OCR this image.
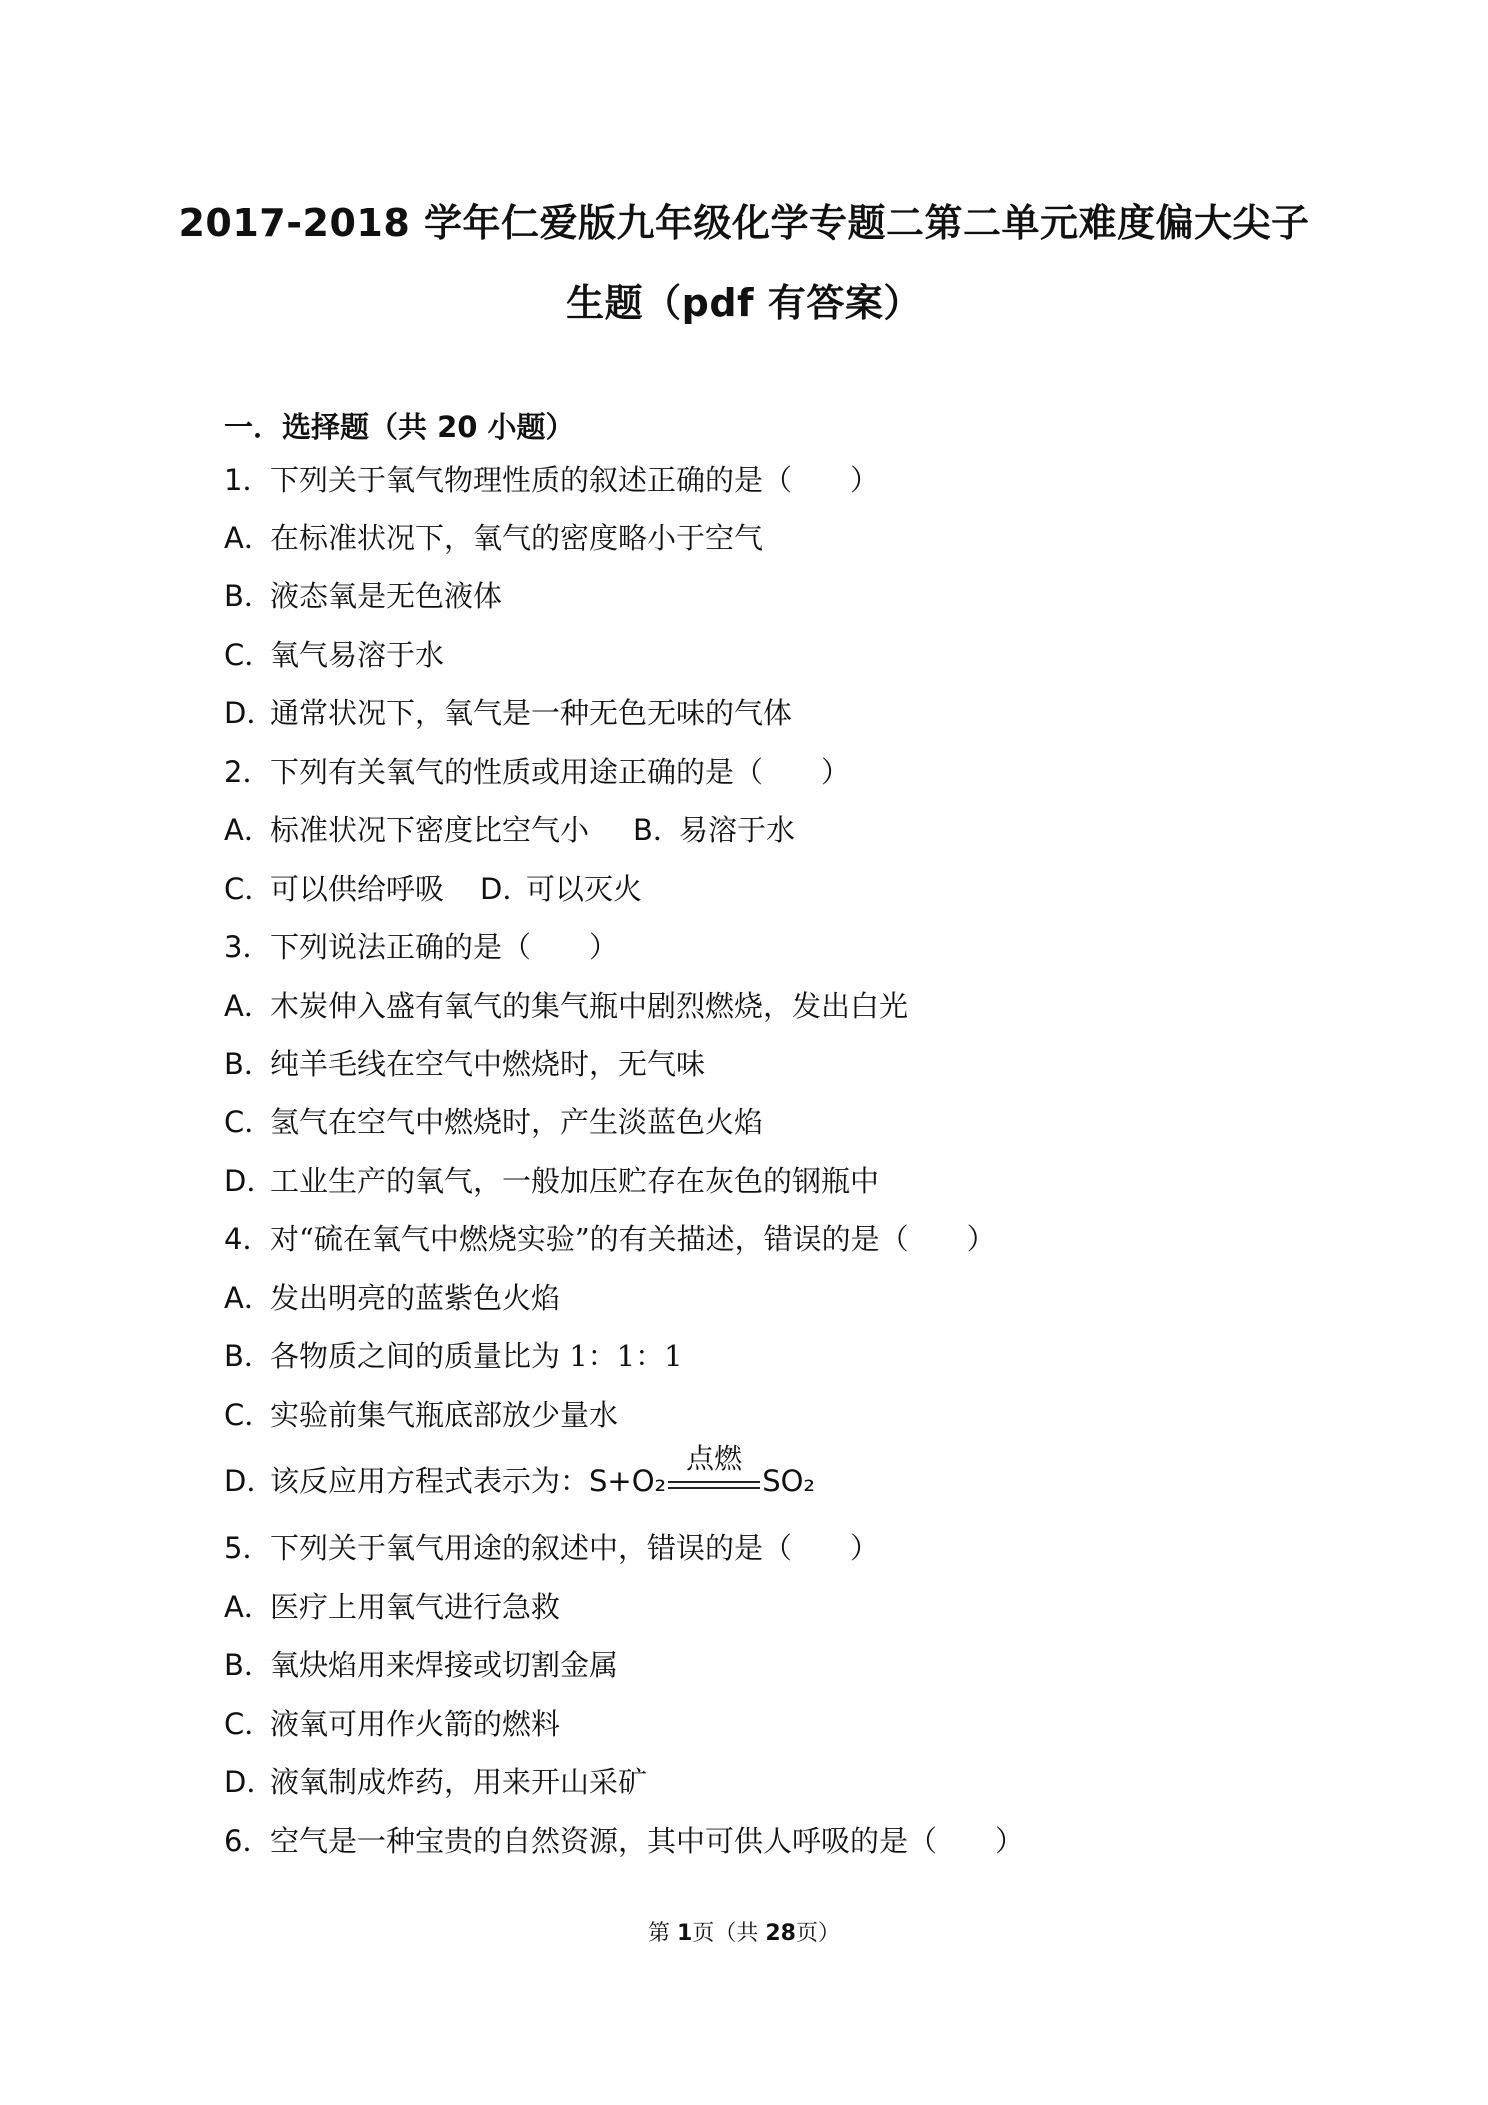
2017-2018 学年仁爱版九年级化学专题二第二单元难度偏大尖子
生题（pdf 有答案）
一．选择题（共 20 小题）
1．下列关于氧气物理性质的叙述正确的是（　　）
A．在标准状况下，氧气的密度略小于空气
B．液态氧是无色液体
C．氧气易溶于水
D．通常状况下，氧气是一种无色无味的气体
2．下列有关氧气的性质或用途正确的是（　　）
A．标准状况下密度比空气小 B．易溶于水
C．可以供给呼吸 D．可以灭火
3．下列说法正确的是（　　）
A．木炭伸入盛有氧气的集气瓶中剧烈燃烧，发出白光
B．纯羊毛线在空气中燃烧时，无气味
C．氢气在空气中燃烧时，产生淡蓝色火焰
D．工业生产的氧气，一般加压贮存在灰色的钢瓶中
4．对“硫在氧气中燃烧实验”的有关描述，错误的是（　　）
A．发出明亮的蓝紫色火焰
B．各物质之间的质量比为 1：1：1
C．实验前集气瓶底部放少量水
D．该反应用方程式表示为：S+O₂
点燃
SO₂
5．下列关于氧气用途的叙述中，错误的是（　　）
A．医疗上用氧气进行急救
B．氧炔焰用来焊接或切割金属
C．液氧可用作火箭的燃料
D．液氧制成炸药，用来开山采矿
6．空气是一种宝贵的自然资源，其中可供人呼吸的是（　　）
第 1页（共 28页）
